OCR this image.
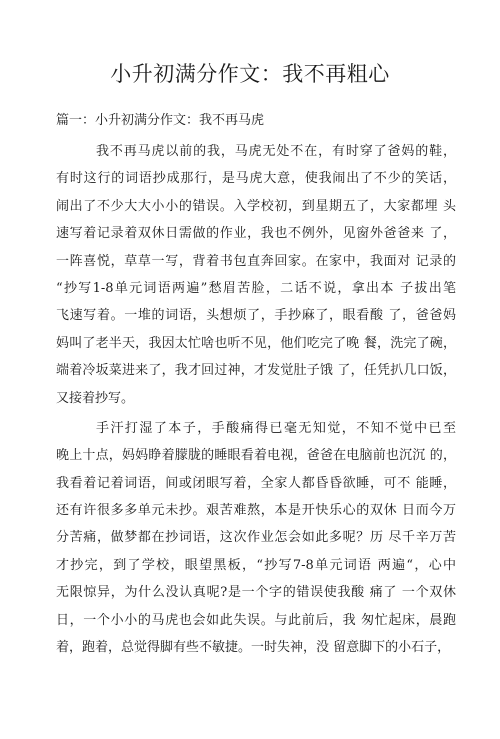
小升初满分作文：我不再粗心
篇一：小升初满分作文：我不再马虎
我不再马虎以前的我，马虎无处不在，有时穿了爸妈的鞋，
有时这行的词语抄成那行，是马虎大意，使我闹出了不少的笑话，
闹出了不少大大小小的错误。入学校初，到星期五了，大家都埋 头
速写着记录着双休日需做的作业，我也不例外，见窗外爸爸来 了，
一阵喜悦，草草一写，背着书包直奔回家。在家中，我面对 记录的
“抄写1-8单元词语两遍”愁眉苦脸，二话不说，拿出本 子拔出笔
飞速写着。一堆的词语，头想烦了，手抄麻了，眼看酸 了，爸爸妈
妈叫了老半天，我因太忙啥也听不见，他们吃完了晚 餐，洗完了碗，
端着冷坂菜进来了，我才回过神，才发觉肚子饿 了，任凭扒几口饭，
又接着抄写。
手汗打湿了本子，手酸痛得已毫无知觉，不知不觉中已至
晚上十点，妈妈睁着朦胧的睡眼看着电视，爸爸在电脑前也沉沉 的，
我看着记着词语，间或闭眼写着，全家人都昏昏欲睡，可不 能睡，
还有许很多多单元未抄。艰苦难熬，本是开快乐心的双休 日而今万
分苦痛，做梦都在抄词语，这次作业怎会如此多呢？历 尽千辛万苦
才抄完，到了学校，眼望黑板，“抄写7-8单元词语 两遍“，心中
无限惊异，为什么没认真呢?是一个字的错误使我酸 痛了 一个双休
日，一个小小的马虎也会如此失误。与此前后，我 匆忙起床，晨跑
着，跑着，总觉得脚有些不敏捷。一时失神，没 留意脚下的小石子，
